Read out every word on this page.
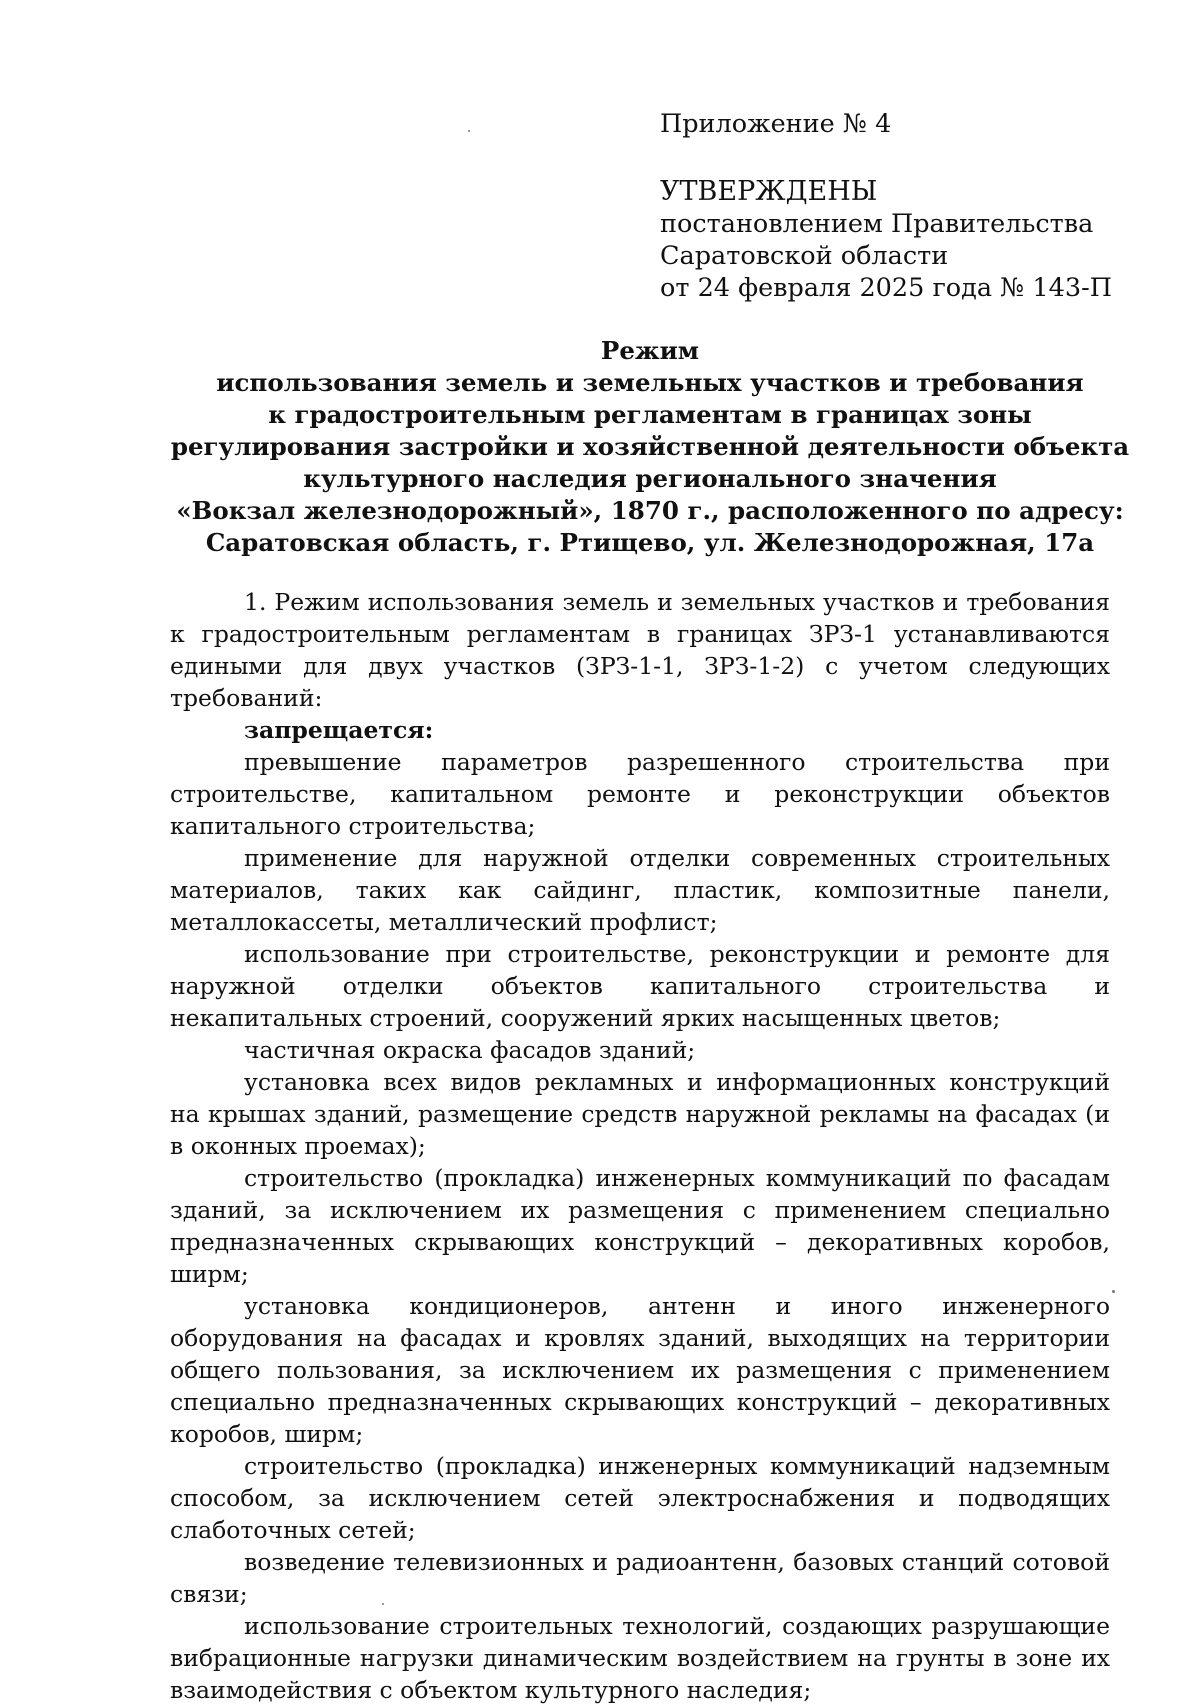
Приложение № 4
УТВЕРЖДЕНЫ
постановлением Правительства
Саратовской области
от 24 февраля 2025 года № 143-П
Режим
использования земель и земельных участков и требования
к градостроительным регламентам в границах зоны
регулирования застройки и хозяйственной деятельности объекта
культурного наследия регионального значения
«Вокзал железнодорожный», 1870 г., расположенного по адресу:
Саратовская область, г. Ртищево, ул. Железнодорожная, 17а

1. Режим использования земель и земельных участков и требования к градостроительным регламентам в границах ЗРЗ-1 устанавливаются едиными для двух участков (ЗРЗ-1-1, ЗРЗ-1-2) с учетом следующих требований:

запрещается:

превышение параметров разрешенного строительства при строительстве, капитальном ремонте и реконструкции объектов капитального строительства;

применение для наружной отделки современных строительных материалов, таких как сайдинг, пластик, композитные панели, металлокассеты, металлический профлист;

использование при строительстве, реконструкции и ремонте для наружной отделки объектов капитального строительства и некапитальных строений, сооружений ярких насыщенных цветов;

частичная окраска фасадов зданий;

установка всех видов рекламных и информационных конструкций на крышах зданий, размещение средств наружной рекламы на фасадах (и в оконных проемах);

строительство (прокладка) инженерных коммуникаций по фасадам зданий, за исключением их размещения с применением специально предназначенных скрывающих конструкций – декоративных коробов, ширм;

установка кондиционеров, антенн и иного инженерного оборудования на фасадах и кровлях зданий, выходящих на территории общего пользования, за исключением их размещения с применением специально предназначенных скрывающих конструкций – декоративных коробов, ширм;

строительство (прокладка) инженерных коммуникаций надземным способом, за исключением сетей электроснабжения и подводящих слаботочных сетей;

возведение телевизионных и радиоантенн, базовых станций сотовой связи;

использование строительных технологий, создающих разрушающие вибрационные нагрузки динамическим воздействием на грунты в зоне их взаимодействия с объектом культурного наследия;
